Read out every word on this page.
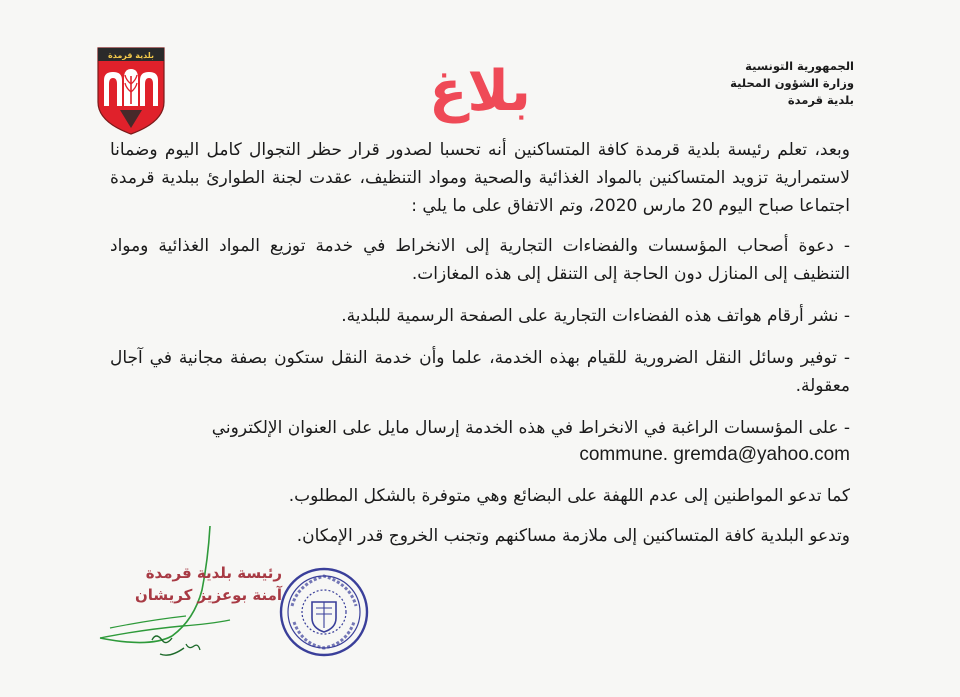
بلدية قرمدة
الجمهورية التونسية
وزارة الشؤون المحلية
بلدية قرمدة
بلاغ

وبعد، تعلم رئيسة بلدية قرمدة كافة المتساكنين أنه تحسبا لصدور قرار حظر التجوال كامل اليوم وضمانا لاستمرارية تزويد المتساكنين بالمواد الغذائية والصحية ومواد التنظيف، عقدت لجنة الطوارئ ببلدية قرمدة اجتماعا صباح اليوم 20 مارس 2020، وتم الاتفاق على ما يلي :

- دعوة أصحاب المؤسسات والفضاءات التجارية إلى الانخراط في خدمة توزيع المواد الغذائية ومواد التنظيف إلى المنازل دون الحاجة إلى التنقل إلى هذه المغازات.

- نشر أرقام هواتف هذه الفضاءات التجارية على الصفحة الرسمية للبلدية.

- توفير وسائل النقل الضرورية للقيام بهذه الخدمة، علما وأن خدمة النقل ستكون بصفة مجانية في آجال معقولة.

- على المؤسسات الراغبة في الانخراط في هذه الخدمة إرسال مايل على العنوان الإلكتروني

commune. gremda@yahoo.com

كما تدعو المواطنين إلى عدم اللهفة على البضائع وهي متوفرة بالشكل المطلوب.

وتدعو البلدية كافة المتساكنين إلى ملازمة مساكنهم وتجنب الخروج قدر الإمكان.

رئيسة بلدية قرمدة
آمنة بوعزيز كريشان
